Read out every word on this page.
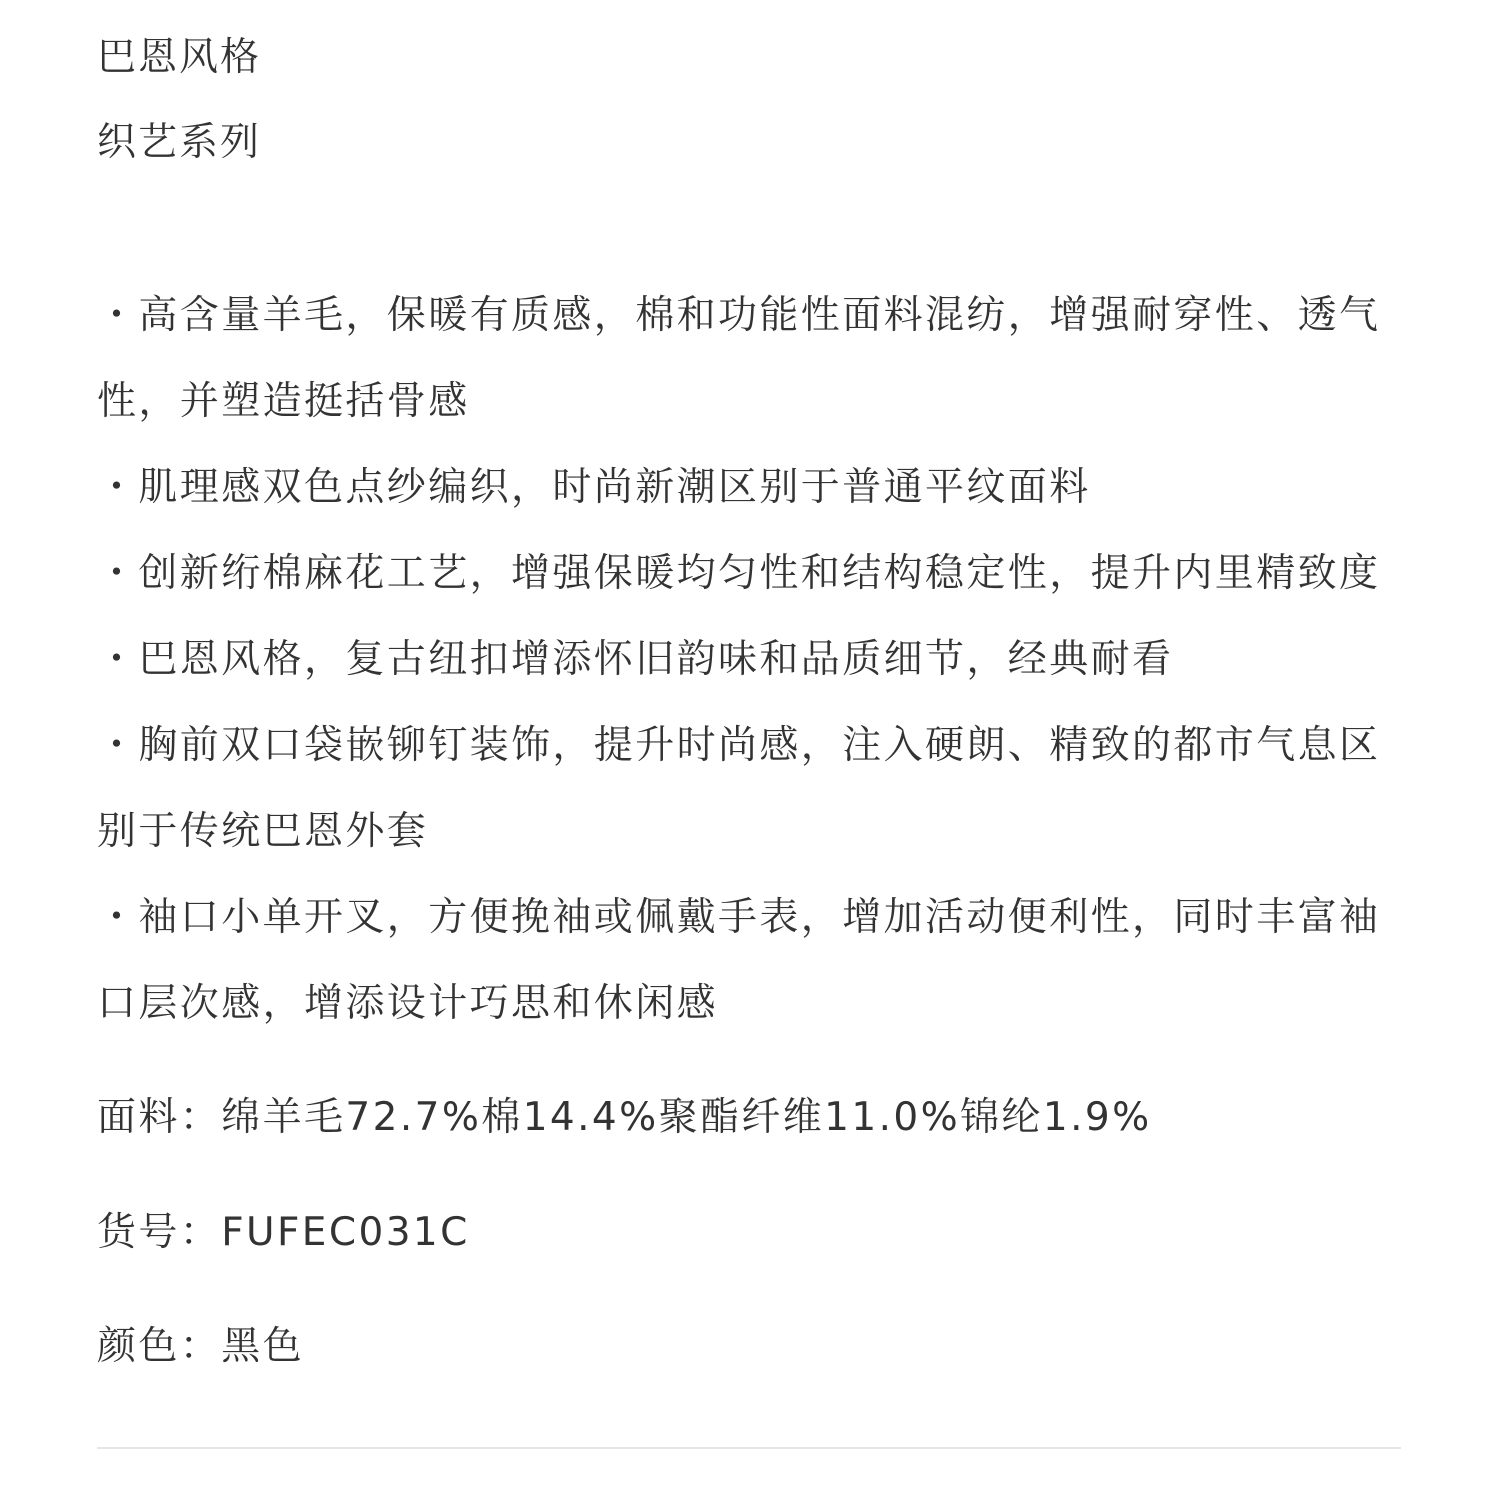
巴恩风格
织艺系列

・高含量羊毛，保暖有质感，棉和功能性面料混纺，增强耐穿性、透气性，并塑造挺括骨感

・肌理感双色点纱编织，时尚新潮区别于普通平纹面料

・创新绗棉麻花工艺，增强保暖均匀性和结构稳定性，提升内里精致度

・巴恩风格，复古纽扣增添怀旧韵味和品质细节，经典耐看

・胸前双口袋嵌铆钉装饰，提升时尚感，注入硬朗、精致的都市气息区别于传统巴恩外套

・袖口小单开叉，方便挽袖或佩戴手表，增加活动便利性，同时丰富袖口层次感，增添设计巧思和休闲感

面料：绵羊毛72.7%棉14.4%聚酯纤维11.0%锦纶1.9%
货号：FUFEC031C
颜色：黑色
